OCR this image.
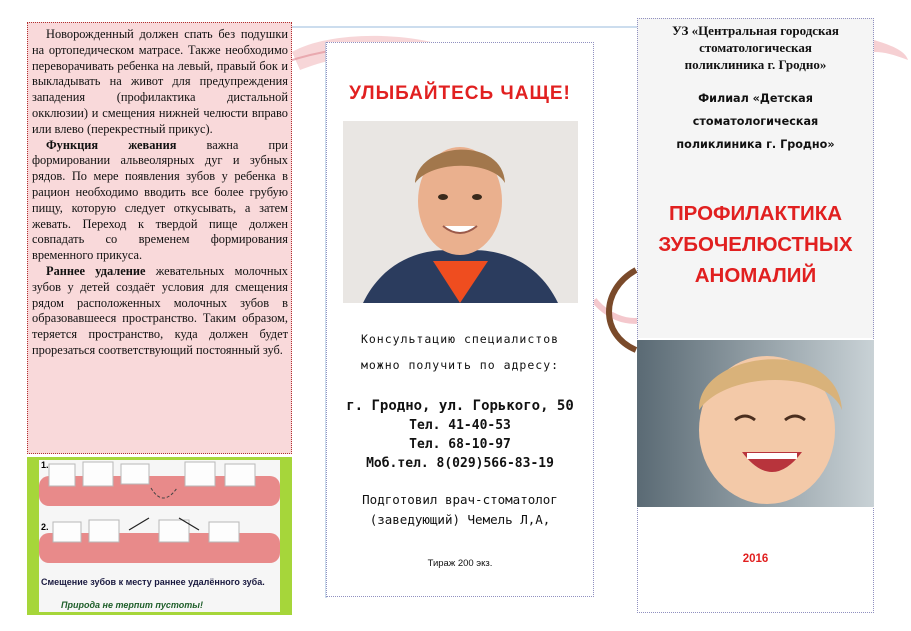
Новорожденный должен спать без подушки на ортопедическом матрасе. Также необходимо переворачивать ребенка на левый, правый бок и выкладывать на живот для предупреждения западения (профилактика дистальной окклюзии) и смещения нижней челюсти вправо или влево (перекрестный прикус).

Функция жевания важна при формировании альвеолярных дуг и зубных рядов. По мере появления зубов у ребенка в рацион необходимо вводить все более грубую пищу, которую следует откусывать, а затем жевать. Переход к твердой пище должен совпадать со временем формирования временного прикуса.

Раннее удаление жевательных молочных зубов у детей создаёт условия для смещения рядом расположенных молочных зубов в образовавшееся пространство. Таким образом, теряется пространство, куда должен будет прорезаться соответствующий постоянный зуб.

1.
2.
Смещение зубов к месту раннее удалённого зуба.
Природа не терпит пустоты!
УЛЫБАЙТЕСЬ ЧАЩЕ!
Консультацию специалистов
можно получить по адресу:
г. Гродно, ул. Горького, 50
Тел. 41-40-53
Тел. 68-10-97
Моб.тел. 8(029)566-83-19
Подготовил врач-стоматолог
(заведующий) Чемель Л,А,
Тираж 200 экз.
УЗ «Центральная городская
стоматологическая
поликлиника г. Гродно»
Филиал «Детская
стоматологическая
поликлиника г. Гродно»
ПРОФИЛАКТИКА
ЗУБОЧЕЛЮСТНЫХ
АНОМАЛИЙ
2016
